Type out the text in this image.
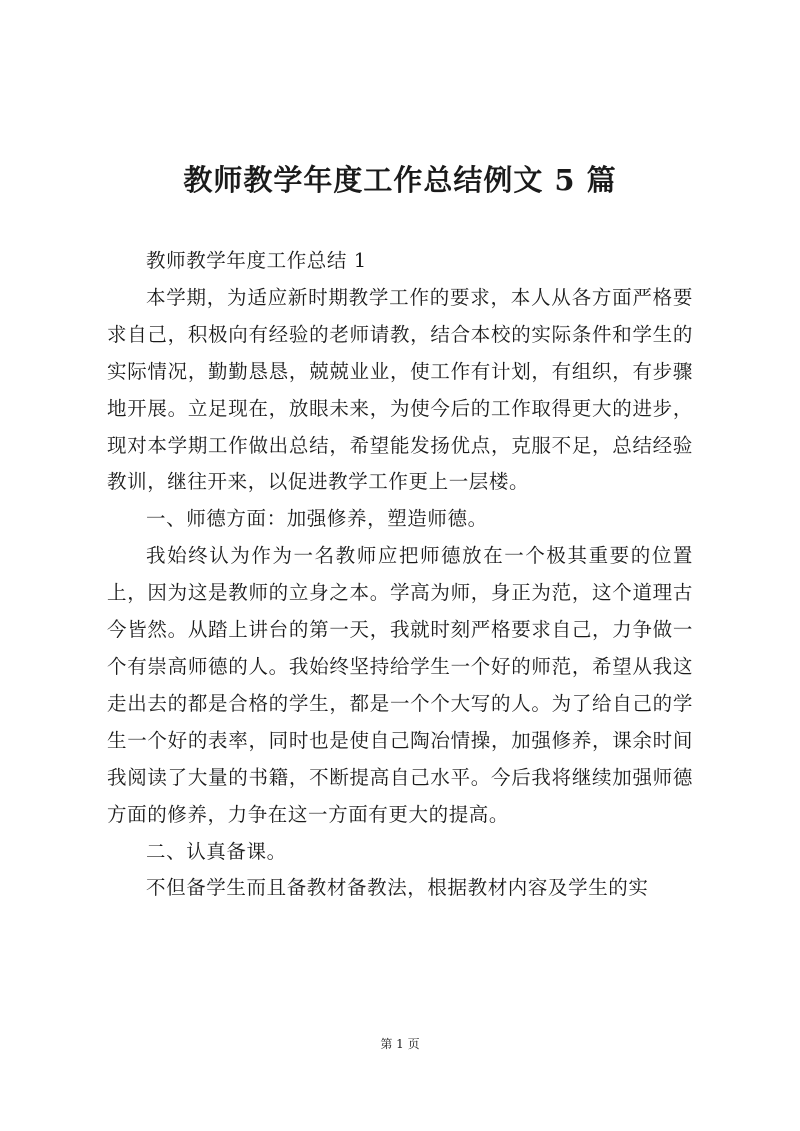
教师教学年度工作总结例文 5 篇

教师教学年度工作总结 1

本学期，为适应新时期教学工作的要求，本人从各方面严格要求自己，积极向有经验的老师请教，结合本校的实际条件和学生的实际情况，勤勤恳恳，兢兢业业，使工作有计划，有组织，有步骤地开展。立足现在，放眼未来，为使今后的工作取得更大的进步，现对本学期工作做出总结，希望能发扬优点，克服不足，总结经验教训，继往开来，以促进教学工作更上一层楼。

一、师德方面：加强修养，塑造师德。

我始终认为作为一名教师应把师德放在一个极其重要的位置上，因为这是教师的立身之本。学高为师，身正为范，这个道理古今皆然。从踏上讲台的第一天，我就时刻严格要求自己，力争做一个有崇高师德的人。我始终坚持给学生一个好的师范，希望从我这走出去的都是合格的学生，都是一个个大写的人。为了给自己的学生一个好的表率，同时也是使自己陶冶情操，加强修养，课余时间我阅读了大量的书籍，不断提高自己水平。今后我将继续加强师德方面的修养，力争在这一方面有更大的提高。

二、认真备课。

不但备学生而且备教材备教法，根据教材内容及学生的实

第 1 页
